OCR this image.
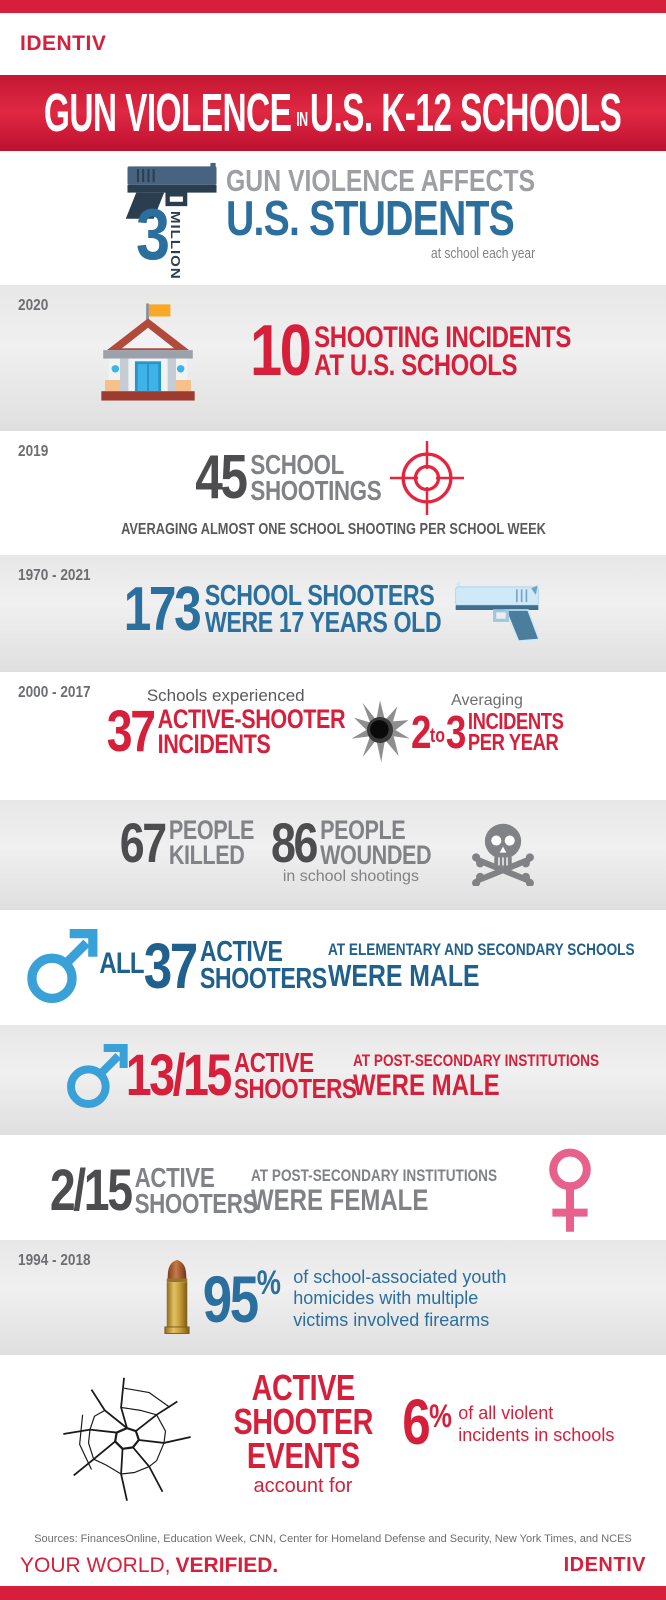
IDENTIV
GUN VIOLENCE INU.S. K-12 SCHOOLS
3 MILLION
GUN VIOLENCE AFFECTS
U.S. STUDENTS
at school each year
2020
10 SHOOTING INCIDENTS
AT U.S. SCHOOLS
2019 45 SCHOOL
SHOOTINGS
AVERAGING ALMOST ONE SCHOOL SHOOTING PER SCHOOL WEEK
1970 - 2021 173 SCHOOL SHOOTERS
WERE 17 YEARS OLD
2000 - 2017	Schools experienced
37 ACTIVE-SHOOTER
INCIDENTS
Averaging
2 to 3 INCIDENTS
PER YEAR
67 PEOPLE
KILLED 86 PEOPLE
WOUNDED
in school shootings
ALL 37 ACTIVE
SHOOTERS
AT ELEMENTARY AND SECONDARY SCHOOLS
WERE MALE
13/15 ACTIVE
SHOOTERS
AT POST-SECONDARY INSTITUTIONS
WERE MALE
2/15 ACTIVE
SHOOTERS
AT POST-SECONDARY INSTITUTIONS
WERE FEMALE
1994 - 2018
95 % of school-associated youth
homicides with multiple
victims involved firearms
ACTIVE
SHOOTER
EVENTS
account for
6 % of all violent
incidents in schools
Sources: FinancesOnline, Education Week, CNN, Center for Homeland Defense and Security, New York Times, and NCES
YOUR WORLD, VERIFIED.	IDENTIV
